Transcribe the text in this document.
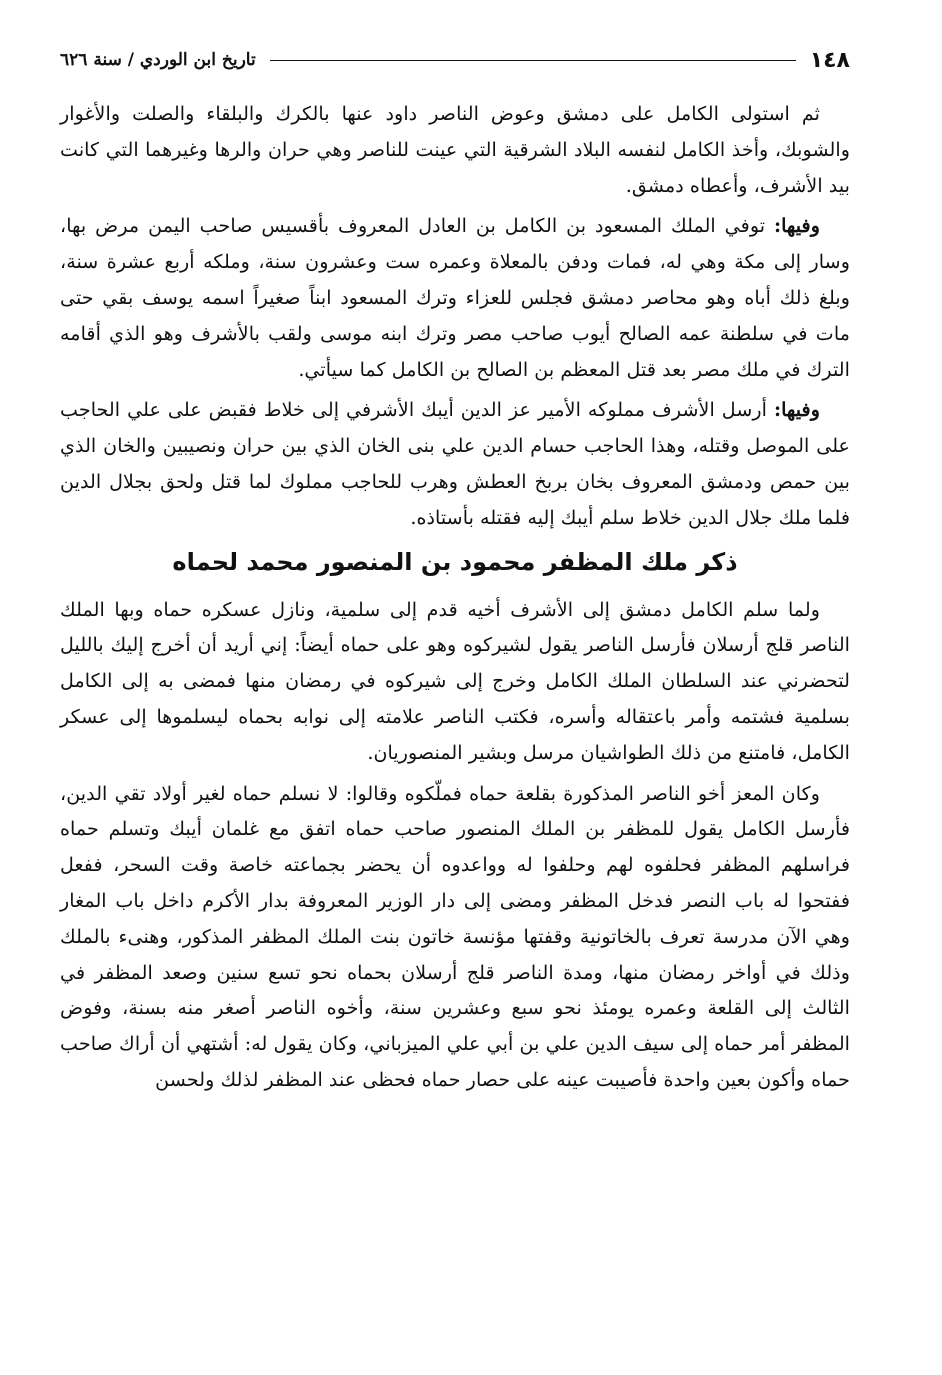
١٤٨
تاريخ ابن الوردي / سنة ٦٢٦

ثم استولى الكامل على دمشق وعوض الناصر داود عنها بالكرك والبلقاء والصلت والأغوار والشوبك، وأخذ الكامل لنفسه البلاد الشرقية التي عينت للناصر وهي حران والرها وغيرهما التي كانت بيد الأشرف، وأعطاه دمشق.

وفيها: توفي الملك المسعود بن الكامل بن العادل المعروف بأقسيس صاحب اليمن مرض بها، وسار إلى مكة وهي له، فمات ودفن بالمعلاة وعمره ست وعشرون سنة، وملكه أربع عشرة سنة، وبلغ ذلك أباه وهو محاصر دمشق فجلس للعزاء وترك المسعود ابناً صغيراً اسمه يوسف بقي حتى مات في سلطنة عمه الصالح أيوب صاحب مصر وترك ابنه موسى ولقب بالأشرف وهو الذي أقامه الترك في ملك مصر بعد قتل المعظم بن الصالح بن الكامل كما سيأتي.

وفيها: أرسل الأشرف مملوكه الأمير عز الدين أيبك الأشرفي إلى خلاط فقبض على علي الحاجب على الموصل وقتله، وهذا الحاجب حسام الدين علي بنى الخان الذي بين حران ونصيبين والخان الذي بين حمص ودمشق المعروف بخان بربخ العطش وهرب للحاجب مملوك لما قتل ولحق بجلال الدين فلما ملك جلال الدين خلاط سلم أيبك إليه فقتله بأستاذه.

ذكر ملك المظفر محمود بن المنصور محمد لحماه

ولما سلم الكامل دمشق إلى الأشرف أخيه قدم إلى سلمية، ونازل عسكره حماه وبها الملك الناصر قلج أرسلان فأرسل الناصر يقول لشيركوه وهو على حماه أيضاً: إني أريد أن أخرج إليك بالليل لتحضرني عند السلطان الملك الكامل وخرج إلى شيركوه في رمضان منها فمضى به إلى الكامل بسلمية فشتمه وأمر باعتقاله وأسره، فكتب الناصر علامته إلى نوابه بحماه ليسلموها إلى عسكر الكامل، فامتنع من ذلك الطواشيان مرسل وبشير المنصوريان.

وكان المعز أخو الناصر المذكورة بقلعة حماه فملّكوه وقالوا: لا نسلم حماه لغير أولاد تقي الدين، فأرسل الكامل يقول للمظفر بن الملك المنصور صاحب حماه اتفق مع غلمان أيبك وتسلم حماه فراسلهم المظفر فحلفوه لهم وحلفوا له وواعدوه أن يحضر بجماعته خاصة وقت السحر، ففعل ففتحوا له باب النصر فدخل المظفر ومضى إلى دار الوزير المعروفة بدار الأكرم داخل باب المغار وهي الآن مدرسة تعرف بالخاتونية وقفتها مؤنسة خاتون بنت الملك المظفر المذكور، وهنىء بالملك وذلك في أواخر رمضان منها، ومدة الناصر قلج أرسلان بحماه نحو تسع سنين وصعد المظفر في الثالث إلى القلعة وعمره يومئذ نحو سبع وعشرين سنة، وأخوه الناصر أصغر منه بسنة، وفوض المظفر أمر حماه إلى سيف الدين علي بن أبي علي الميزباني، وكان يقول له: أشتهي أن أراك صاحب حماه وأكون بعين واحدة فأصيبت عينه على حصار حماه فحظى عند المظفر لذلك ولحسن
